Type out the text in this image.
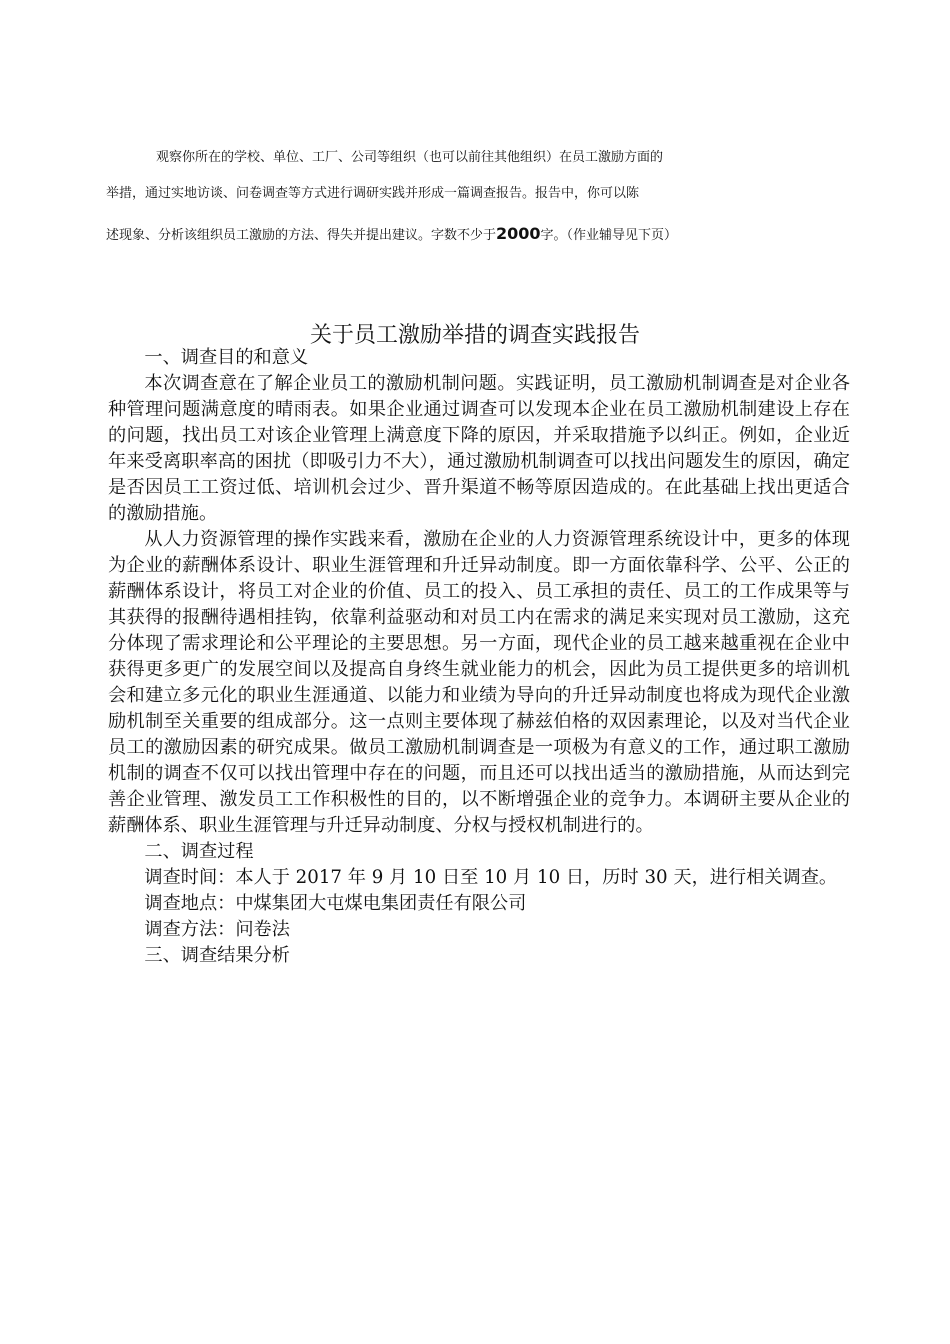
观察你所在的学校、单位、工厂、公司等组织（也可以前往其他组织）在员工激励方面的
举措，通过实地访谈、问卷调查等方式进行调研实践并形成一篇调查报告。报告中，你可以陈
述现象、分析该组织员工激励的方法、得失并提出建议。字数不少于2000字。（作业辅导见下页）
关于员工激励举措的调查实践报告

一、调查目的和意义

本次调查意在了解企业员工的激励机制问题。实践证明，员工激励机制调查是对企业各种管理问题满意度的晴雨表。如果企业通过调查可以发现本企业在员工激励机制建设上存在的问题，找出员工对该企业管理上满意度下降的原因，并采取措施予以纠正。例如，企业近年来受离职率高的困扰（即吸引力不大），通过激励机制调查可以找出问题发生的原因，确定是否因员工工资过低、培训机会过少、晋升渠道不畅等原因造成的。在此基础上找出更适合的激励措施。

从人力资源管理的操作实践来看，激励在企业的人力资源管理系统设计中，更多的体现为企业的薪酬体系设计、职业生涯管理和升迁异动制度。即一方面依靠科学、公平、公正的薪酬体系设计，将员工对企业的价值、员工的投入、员工承担的责任、员工的工作成果等与其获得的报酬待遇相挂钩，依靠利益驱动和对员工内在需求的满足来实现对员工激励，这充分体现了需求理论和公平理论的主要思想。另一方面，现代企业的员工越来越重视在企业中获得更多更广的发展空间以及提高自身终生就业能力的机会，因此为员工提供更多的培训机会和建立多元化的职业生涯通道、以能力和业绩为导向的升迁异动制度也将成为现代企业激励机制至关重要的组成部分。这一点则主要体现了赫兹伯格的双因素理论，以及对当代企业员工的激励因素的研究成果。做员工激励机制调查是一项极为有意义的工作，通过职工激励机制的调查不仅可以找出管理中存在的问题，而且还可以找出适当的激励措施，从而达到完善企业管理、激发员工工作积极性的目的，以不断增强企业的竞争力。本调研主要从企业的薪酬体系、职业生涯管理与升迁异动制度、分权与授权机制进行的。

二、调查过程

调查时间：本人于 2017 年 9 月 10 日至 10 月 10 日，历时 30 天，进行相关调查。

调查地点：中煤集团大屯煤电集团责任有限公司

调查方法：问卷法

三、调查结果分析
